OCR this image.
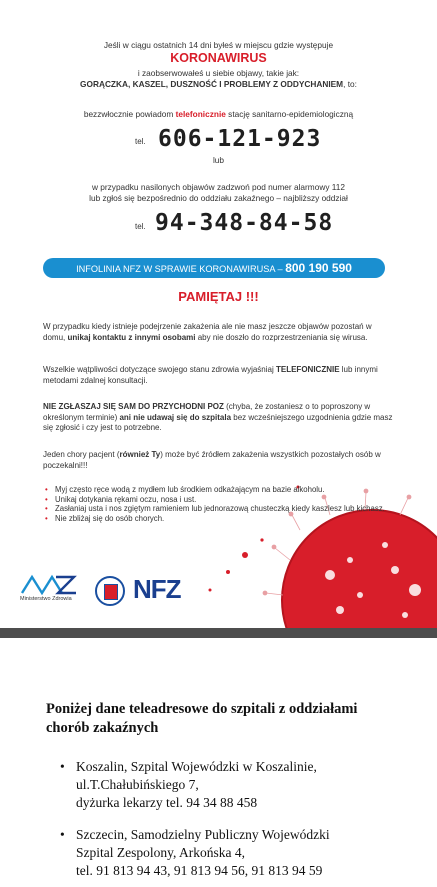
Jeśli w ciągu ostatnich 14 dni byłeś w miejscu gdzie występuje
KORONAWIRUS
i zaobserwowałeś u siebie objawy, takie jak:
GORĄCZKA, KASZEL, DUSZNOŚĆ I PROBLEMY Z ODDYCHANIEM, to:
bezzwłocznie powiadom telefonicznie stację sanitarno-epidemiologiczną
tel. 606-121-923
lub
w przypadku nasilonych objawów zadzwoń pod numer alarmowy 112
lub zgłoś się bezpośrednio do oddziału zakaźnego – najbliższy oddział
tel. 94-348-84-58
INFOLINIA NFZ W SPRAWIE KORONAWIRUSA – 800 190 590
PAMIĘTAJ !!!
W przypadku kiedy istnieje podejrzenie zakażenia ale nie masz jeszcze objawów pozostań w domu, unikaj kontaktu z innymi osobami aby nie doszło do rozprzestrzeniania się wirusa.
Wszelkie wątpliwości dotyczące swojego stanu zdrowia wyjaśniaj TELEFONICZNIE lub innymi metodami zdalnej konsultacji.
NIE ZGŁASZAJ SIĘ SAM DO PRZYCHODNI POZ (chyba, że zostaniesz o to poproszony w określonym terminie) ani nie udawaj się do szpitala bez wcześniejszego uzgodnienia gdzie masz się zgłosić i czy jest to potrzebne.
Jeden chory pacjent (również Ty) może być źródłem zakażenia wszystkich pozostałych osób w poczekalni!!!
• Myj często ręce wodą z mydłem lub środkiem odkażającym na bazie alkoholu.
• Unikaj dotykania rękami oczu, nosa i ust.
• Zasłaniaj usta i nos zgiętym ramieniem lub jednorazową chusteczką kiedy kaszlesz lub kichasz.
• Nie zbliżaj się do osób chorych.
Ministerstwo Zdrowia	NFZ
Poniżej dane teleadresowe do szpitali z oddziałami chorób zakaźnych
• Koszalin, Szpital Wojewódzki w Koszalinie,
ul.T.Chałubińskiego 7,
dyżurka lekarzy tel. 94 34 88 458
• Szczecin, Samodzielny Publiczny Wojewódzki
Szpital Zespolony, Arkońska 4,
tel. 91 813 94 43, 91 813 94 56, 91 813 94 59
